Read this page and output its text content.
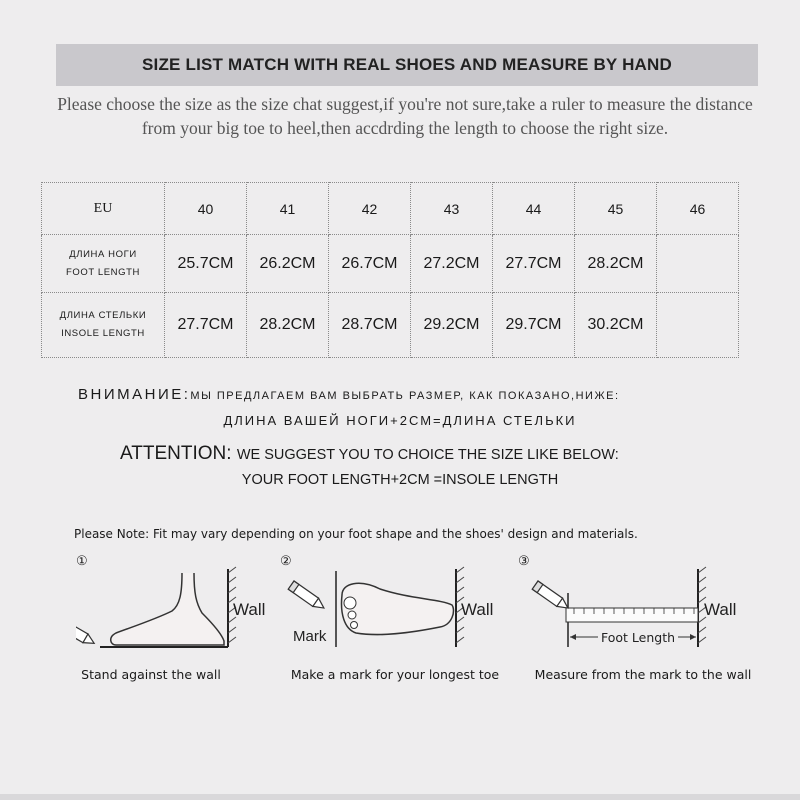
SIZE LIST MATCH WITH REAL SHOES AND MEASURE BY HAND
Please choose the size as the size chat suggest,if you're not sure,take a ruler to measure the distance from your big toe to heel,then accdrding the length to choose the right size.
EU	40	41	42	43	44	45	46

ДЛИНА НОГИ
FOOT LENGTH	25.7CM	26.2CM	26.7CM	27.2CM	27.7CM	28.2CM	

ДЛИНА СТЕЛЬКИ
INSOLE LENGTH	27.7CM	28.2CM	28.7CM	29.2CM	29.7CM	30.2CM	
ВНИМАНИЕ:МЫ ПРЕДЛАГАЕМ ВАМ ВЫБРАТЬ РАЗМЕР, КАК ПОКАЗАНО,НИЖЕ:
ДЛИНА ВАШЕЙ НОГИ+2СМ=ДЛИНА СТЕЛЬКИ
ATTENTION: WE SUGGEST YOU TO CHOICE THE SIZE LIKE BELOW:
YOUR FOOT LENGTH+2CM =INSOLE LENGTH
Please Note: Fit may vary depending on your foot shape and the shoes' design and materials.
Wall
①
Stand against the wall
Mark
Wall
②
Make a mark for your longest toe
Foot Length
Wall
③
Measure from the mark to the wall
